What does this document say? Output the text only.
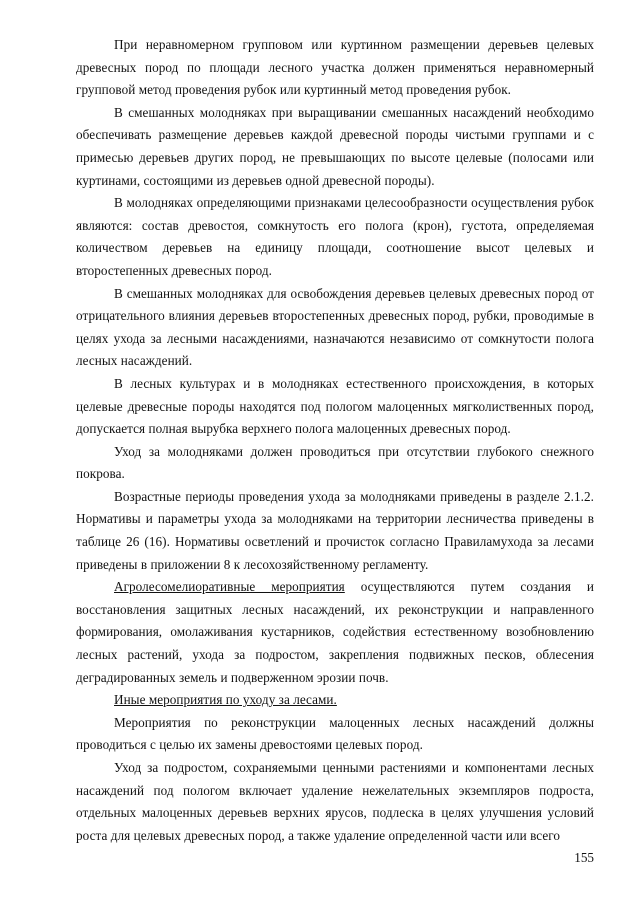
При неравномерном групповом или куртинном размещении деревьев целевых древесных пород по площади лесного участка должен применяться неравномерный групповой метод проведения рубок или куртинный метод проведения рубок.

В смешанных молодняках при выращивании смешанных насаждений необходимо обеспечивать размещение деревьев каждой древесной породы чистыми группами и с примесью деревьев других пород, не превышающих по высоте целевые (полосами или куртинами, состоящими из деревьев одной древесной породы).

В молодняках определяющими признаками целесообразности осуществления рубок являются: состав древостоя, сомкнутость его полога (крон), густота, определяемая количеством деревьев на единицу площади, соотношение высот целевых и второстепенных древесных пород.

В смешанных молодняках для освобождения деревьев целевых древесных пород от отрицательного влияния деревьев второстепенных древесных пород, рубки, проводимые в целях ухода за лесными насаждениями, назначаются независимо от сомкнутости полога лесных насаждений.

В лесных культурах и в молодняках естественного происхождения, в которых целевые древесные породы находятся под пологом малоценных мягколиственных пород, допускается полная вырубка верхнего полога малоценных древесных пород.

Уход за молодняками должен проводиться при отсутствии глубокого снежного покрова.

Возрастные периоды проведения ухода за молодняками приведены в разделе 2.1.2. Нормативы и параметры ухода за молодняками на территории лесничества приведены в таблице 26 (16). Нормативы осветлений и прочисток согласно Правиламухода за лесами приведены в приложении 8 к лесохозяйственному регламенту.

Агролесомелиоративные мероприятия осуществляются путем создания и восстановления защитных лесных насаждений, их реконструкции и направленного формирования, омолаживания кустарников, содействия естественному возобновлению лесных растений, ухода за подростом, закрепления подвижных песков, облесения деградированных земель и подверженном эрозии почв.

Иные мероприятия по уходу за лесами.

Мероприятия по реконструкции малоценных лесных насаждений должны проводиться с целью их замены древостоями целевых пород.

Уход за подростом, сохраняемыми ценными растениями и компонентами лесных насаждений под пологом включает удаление нежелательных экземпляров подроста, отдельных малоценных деревьев верхних ярусов, подлеска в целях улучшения условий роста для целевых древесных пород, а также удаление определенной части или всего

155
